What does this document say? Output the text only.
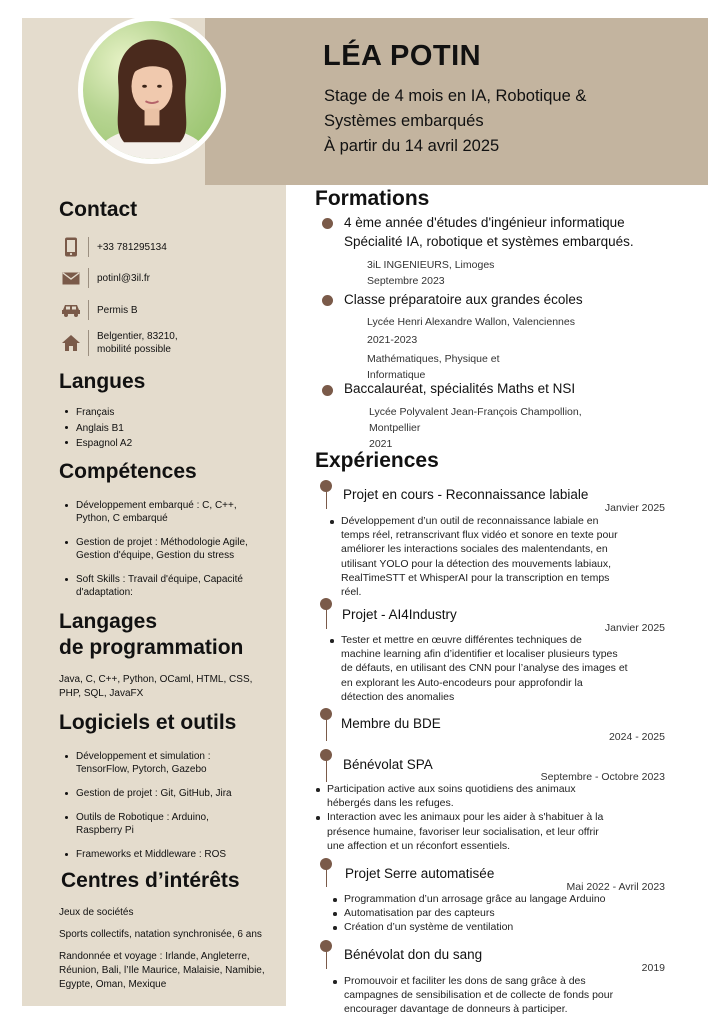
LÉA POTIN
Stage de 4 mois en IA, Robotique &
Systèmes embarqués
À partir du 14 avril 2025
Contact
+33 781295134
potinl@3il.fr
Permis B
Belgentier, 83210,
mobilité possible
Langues
Français
Anglais B1
Espagnol A2
Compétences
Développement embarqué : C, C++,
Python, C embarqué
Gestion de projet : Méthodologie Agile,
Gestion d'équipe, Gestion du stress
Soft Skills : Travail d'équipe, Capacité
d'adaptation:
Langages
de programmation
Java, C, C++, Python, OCaml, HTML, CSS,
PHP, SQL, JavaFX
Logiciels et outils
Développement et simulation :
TensorFlow, Pytorch, Gazebo
Gestion de projet : Git, GitHub, Jira
Outils de Robotique : Arduino,
Raspberry Pi
Frameworks et Middleware : ROS
Centres d’intérêts
Jeux de sociétés
Sports collectifs, natation synchronisée, 6 ans
Randonnée et voyage : Irlande, Angleterre,
Réunion, Bali, l’Ile Maurice, Malaisie, Namibie,
Egypte, Oman, Mexique
Formations
4 ème année d'études d'ingénieur informatique
Spécialité IA, robotique et systèmes embarqués.
3iL INGENIEURS, Limoges
Septembre 2023
Classe préparatoire aux grandes écoles
Lycée Henri Alexandre Wallon, Valenciennes
2021-2023
Mathématiques, Physique et
Informatique
Baccalauréat, spécialités Maths et NSI
Lycée Polyvalent Jean-François Champollion,
Montpellier
2021
Expériences
Projet en cours - Reconnaissance labiale
Janvier 2025
Développement d’un outil de reconnaissance labiale en
temps réel, retranscrivant flux vidéo et sonore en texte pour
améliorer les interactions sociales des malentendants, en
utilisant YOLO pour la détection des mouvements labiaux,
RealTimeSTT et WhisperAI pour la transcription en temps
réel.
Projet - AI4Industry
Janvier 2025
Tester et mettre en œuvre différentes techniques de
machine learning afin d’identifier et localiser plusieurs types
de défauts, en utilisant des CNN pour l’analyse des images et
en explorant les Auto-encodeurs pour approfondir la
détection des anomalies
Membre du BDE
2024 - 2025
Bénévolat SPA
Septembre - Octobre 2023
Participation active aux soins quotidiens des animaux
hébergés dans les refuges.
Interaction avec les animaux pour les aider à s'habituer à la
présence humaine, favoriser leur socialisation, et leur offrir
une affection et un réconfort essentiels.
Projet Serre automatisée
Mai 2022 - Avril 2023
Programmation d’un arrosage grâce au langage Arduino
Automatisation par des capteurs
Création d’un système de ventilation
Bénévolat don du sang
2019
Promouvoir et faciliter les dons de sang grâce à des
campagnes de sensibilisation et de collecte de fonds pour
encourager davantage de donneurs à participer.
